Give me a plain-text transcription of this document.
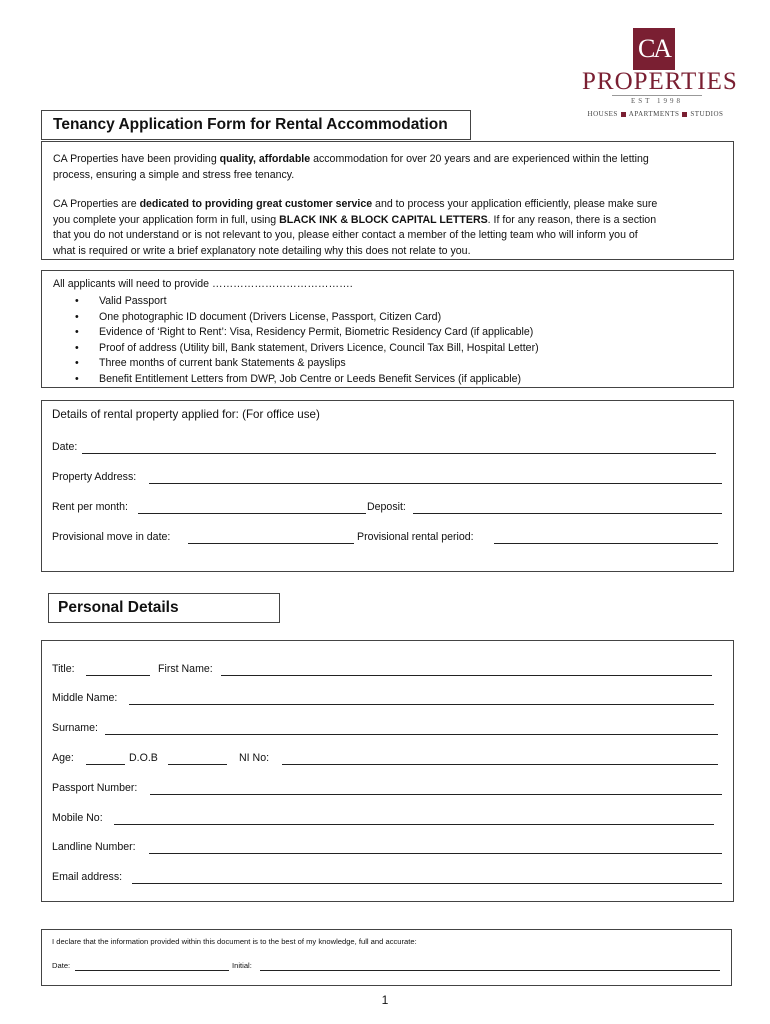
CA
PROPERTIES
EST 1998
HOUSES APARTMENTS STUDIOS
Tenancy Application Form for Rental Accommodation
CA Properties have been providing quality, affordable accommodation for over 20 years and are experienced within the letting
process, ensuring a simple and stress free tenancy.
CA Properties are dedicated to providing great customer service and to process your application efficiently, please make sure
you complete your application form in full, using BLACK INK & BLOCK CAPITAL LETTERS. If for any reason, there is a section
that you do not understand or is not relevant to you, please either contact a member of the letting team who will inform you of
what is required or write a brief explanatory note detailing why this does not relate to you.
All applicants will need to provide ………………………………….
• Valid Passport
• One photographic ID document (Drivers License, Passport, Citizen Card)
• Evidence of ‘Right to Rent’: Visa, Residency Permit, Biometric Residency Card (if applicable)
• Proof of address (Utility bill, Bank statement, Drivers Licence, Council Tax Bill, Hospital Letter)
• Three months of current bank Statements & payslips
• Benefit Entitlement Letters from DWP, Job Centre or Leeds Benefit Services (if applicable)
Details of rental property applied for: (For office use)
Date:
Property Address:
Rent per month:	Deposit:
Provisional move in date:	Provisional rental period:
Personal Details
Title:	First Name:
Middle Name:
Surname:
Age:	D.O.B	NI No:
Passport Number:
Mobile No:
Landline Number:
Email address:
I declare that the information provided within this document is to the best of my knowledge, full and accurate:
Date:	Initial:
1
